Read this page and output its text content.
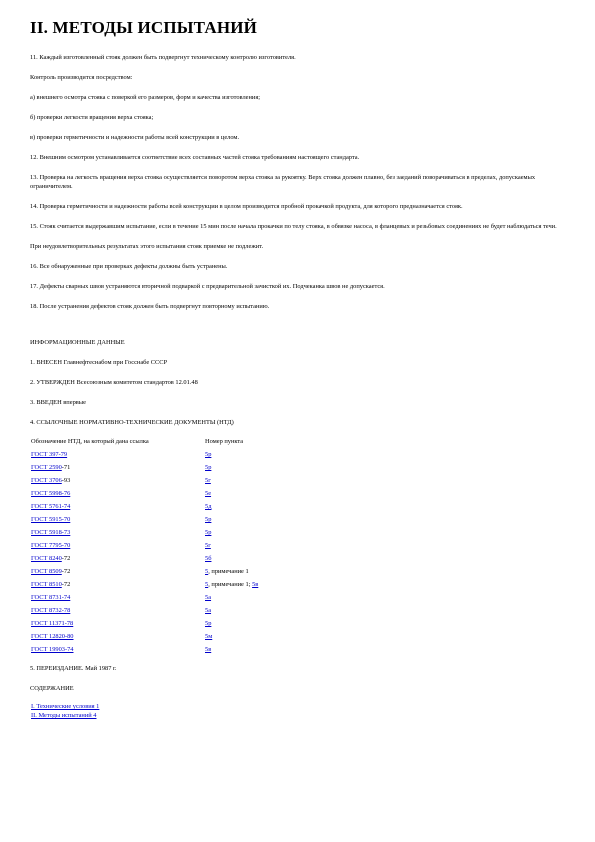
II. МЕТОДЫ ИСПЫТАНИЙ

11. Каждый изготовленный стояк должен быть подвергнут техническому контролю изготовителя.

Контроль производится посредством:

а) внешнего осмотра стояка с поверкой его размеров, форм и качества изготовления;

б) проверки легкости вращения верха стояка;

в) проверки герметичности и надежности работы всей конструкции в целом.

12. Внешним осмотром устанавливается соответствие всех составных частей стояка требованиям настоящего стандарта.

13. Проверка на легкость вращения верха стояка осуществляется поворотом верха стояка за рукоятку. Верх стояка должен плавно, без заеданий поворачиваться в пределах, допускаемых ограничителем.

14. Проверка герметичности и надежности работы всей конструкции в целом производится пробной прокачкой продукта, для которого предназначается стояк.

15. Стояк считается выдержавшим испытание, если в течение 15 мин после начала прокачки по телу стояка, в обвязке насоса, в фланцевых и резьбовых соединениях не будет наблюдаться течи.

При неудовлетворительных результатах этого испытания стояк приемке не подлежит.

16. Все обнаруженные при проверках дефекты должны быть устранены.

17. Дефекты сварных швов устраняются вторичной подваркой с предварительной зачисткой их. Подчеканка швов не допускается.

18. После устранения дефектов стояк должен быть подвергнут повторному испытанию.

ИНФОРМАЦИОННЫЕ ДАННЫЕ

1. ВНЕСЕН Главнефтеснабом при Госснабе СССР

2. УТВЕРЖДЕН Всесоюзным комитетом стандартов 12.01.48

3. ВВЕДЕН впервые

4. ССЫЛОЧНЫЕ НОРМАТИВНО-ТЕХНИЧЕСКИЕ ДОКУМЕНТЫ (НТД)

Обозначение НТД, на который дана ссылка	Номер пункта
ГОСТ 397-79	5р
ГОСТ 2590-71	5р
ГОСТ 3706-93	5г
ГОСТ 5998-76	5е
ГОСТ 5761-74	5д
ГОСТ 5915-70	5р
ГОСТ 5918-73	5р
ГОСТ 7795-70	5г
ГОСТ 8240-72	5б
ГОСТ 8509-72	5, примечание 1
ГОСТ 8510-72	5, примечание 1; 5в
ГОСТ 8731-74	5а
ГОСТ 8732-78	5а
ГОСТ 11371-78	5р
ГОСТ 12820-80	5м
ГОСТ 19903-74	5в

5. ПЕРЕИЗДАНИЕ. Май 1987 г.

СОДЕРЖАНИЕ

I. Технические условия 1
II. Методы испытаний 4
